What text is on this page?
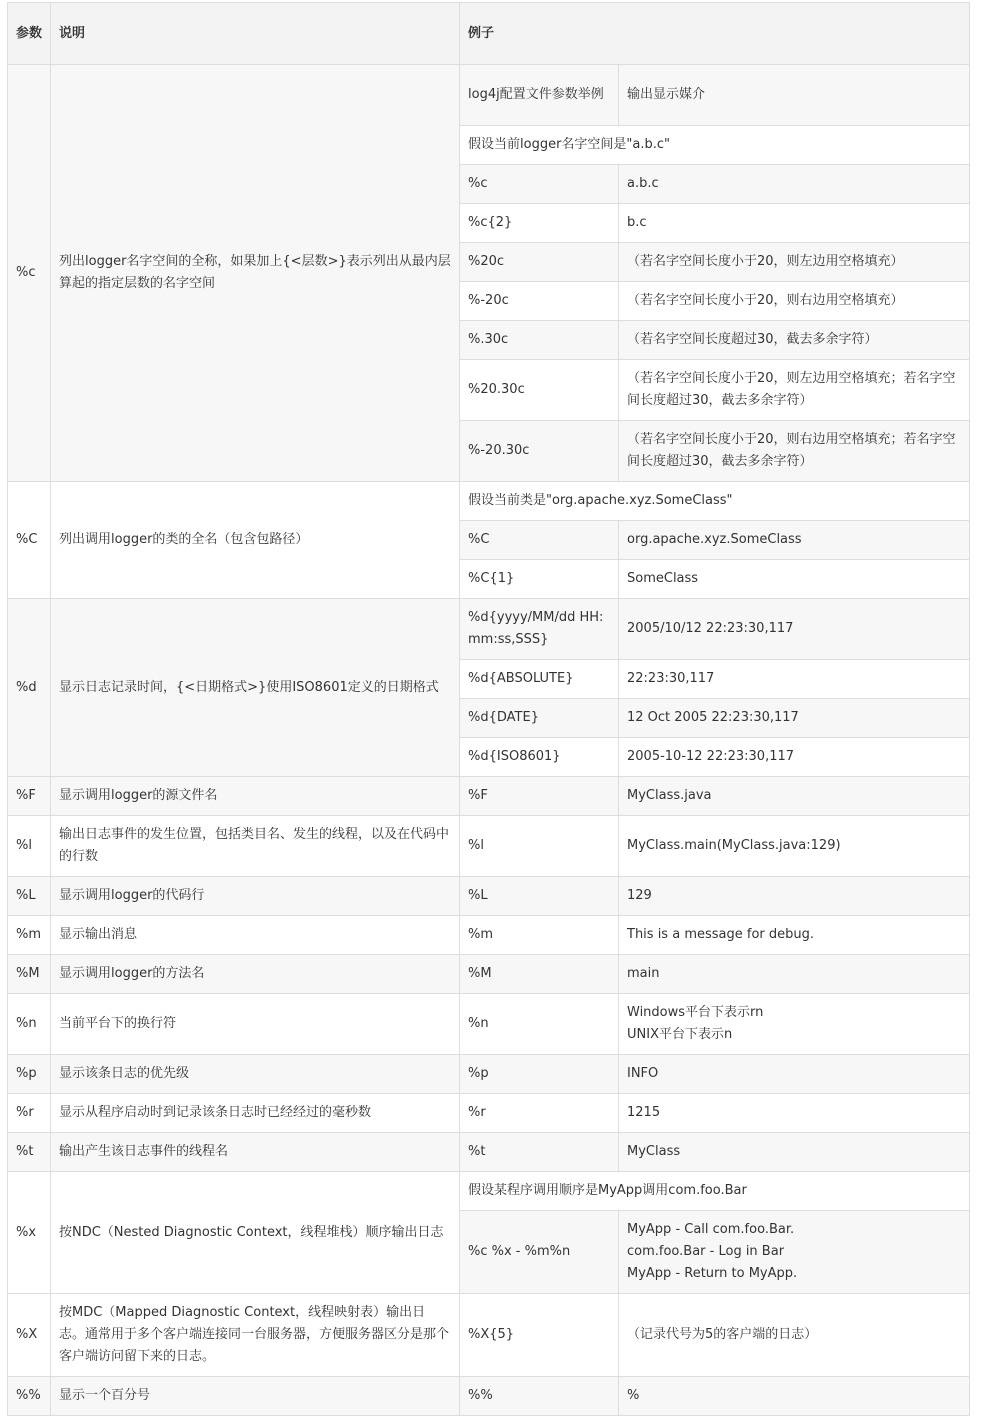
参数	说明	例子	
%c	列出logger名字空间的全称，如果加上{<层数>}表示列出从最内层算起的指定层数的名字空间	log4j配置文件参数举例	输出显示媒介
		假设当前logger名字空间是"a.b.c"	
		%c	a.b.c
		%c{2}	b.c
		%20c	（若名字空间长度小于20，则左边用空格填充）
		%-20c	（若名字空间长度小于20，则右边用空格填充）
		%.30c	（若名字空间长度超过30，截去多余字符）
		%20.30c	（若名字空间长度小于20，则左边用空格填充；若名字空间长度超过30，截去多余字符）
		%-20.30c	（若名字空间长度小于20，则右边用空格填充；若名字空间长度超过30，截去多余字符）
%C	列出调用logger的类的全名（包含包路径）	假设当前类是"org.apache.xyz.SomeClass"	
		%C	org.apache.xyz.SomeClass
		%C{1}	SomeClass
%d	显示日志记录时间，{<日期格式>}使用ISO8601定义的日期格式	%d{yyyy/MM/dd HH:mm:ss,SSS}	2005/10/12 22:23:30,117
		%d{ABSOLUTE}	22:23:30,117
		%d{DATE}	12 Oct 2005 22:23:30,117
		%d{ISO8601}	2005-10-12 22:23:30,117
%F	显示调用logger的源文件名	%F	MyClass.java
%l	输出日志事件的发生位置，包括类目名、发生的线程，以及在代码中的行数	%l	MyClass.main(MyClass.java:129)
%L	显示调用logger的代码行	%L	129
%m	显示输出消息	%m	This is a message for debug.
%M	显示调用logger的方法名	%M	main
%n	当前平台下的换行符	%n	Windows平台下表示rn
UNIX平台下表示n

%p	显示该条日志的优先级	%p	INFO
%r	显示从程序启动时到记录该条日志时已经经过的毫秒数	%r	1215
%t	输出产生该日志事件的线程名	%t	MyClass
%x	按NDC（Nested Diagnostic Context，线程堆栈）顺序输出日志	假设某程序调用顺序是MyApp调用com.foo.Bar	
		%c %x - %m%n	MyApp - Call com.foo.Bar.
com.foo.Bar - Log in Bar
MyApp - Return to MyApp.

%X	按MDC（Mapped Diagnostic Context，线程映射表）输出日志。通常用于多个客户端连接同一台服务器，方便服务器区分是那个客户端访问留下来的日志。	%X{5}	（记录代号为5的客户端的日志）
%%	显示一个百分号	%%	%
